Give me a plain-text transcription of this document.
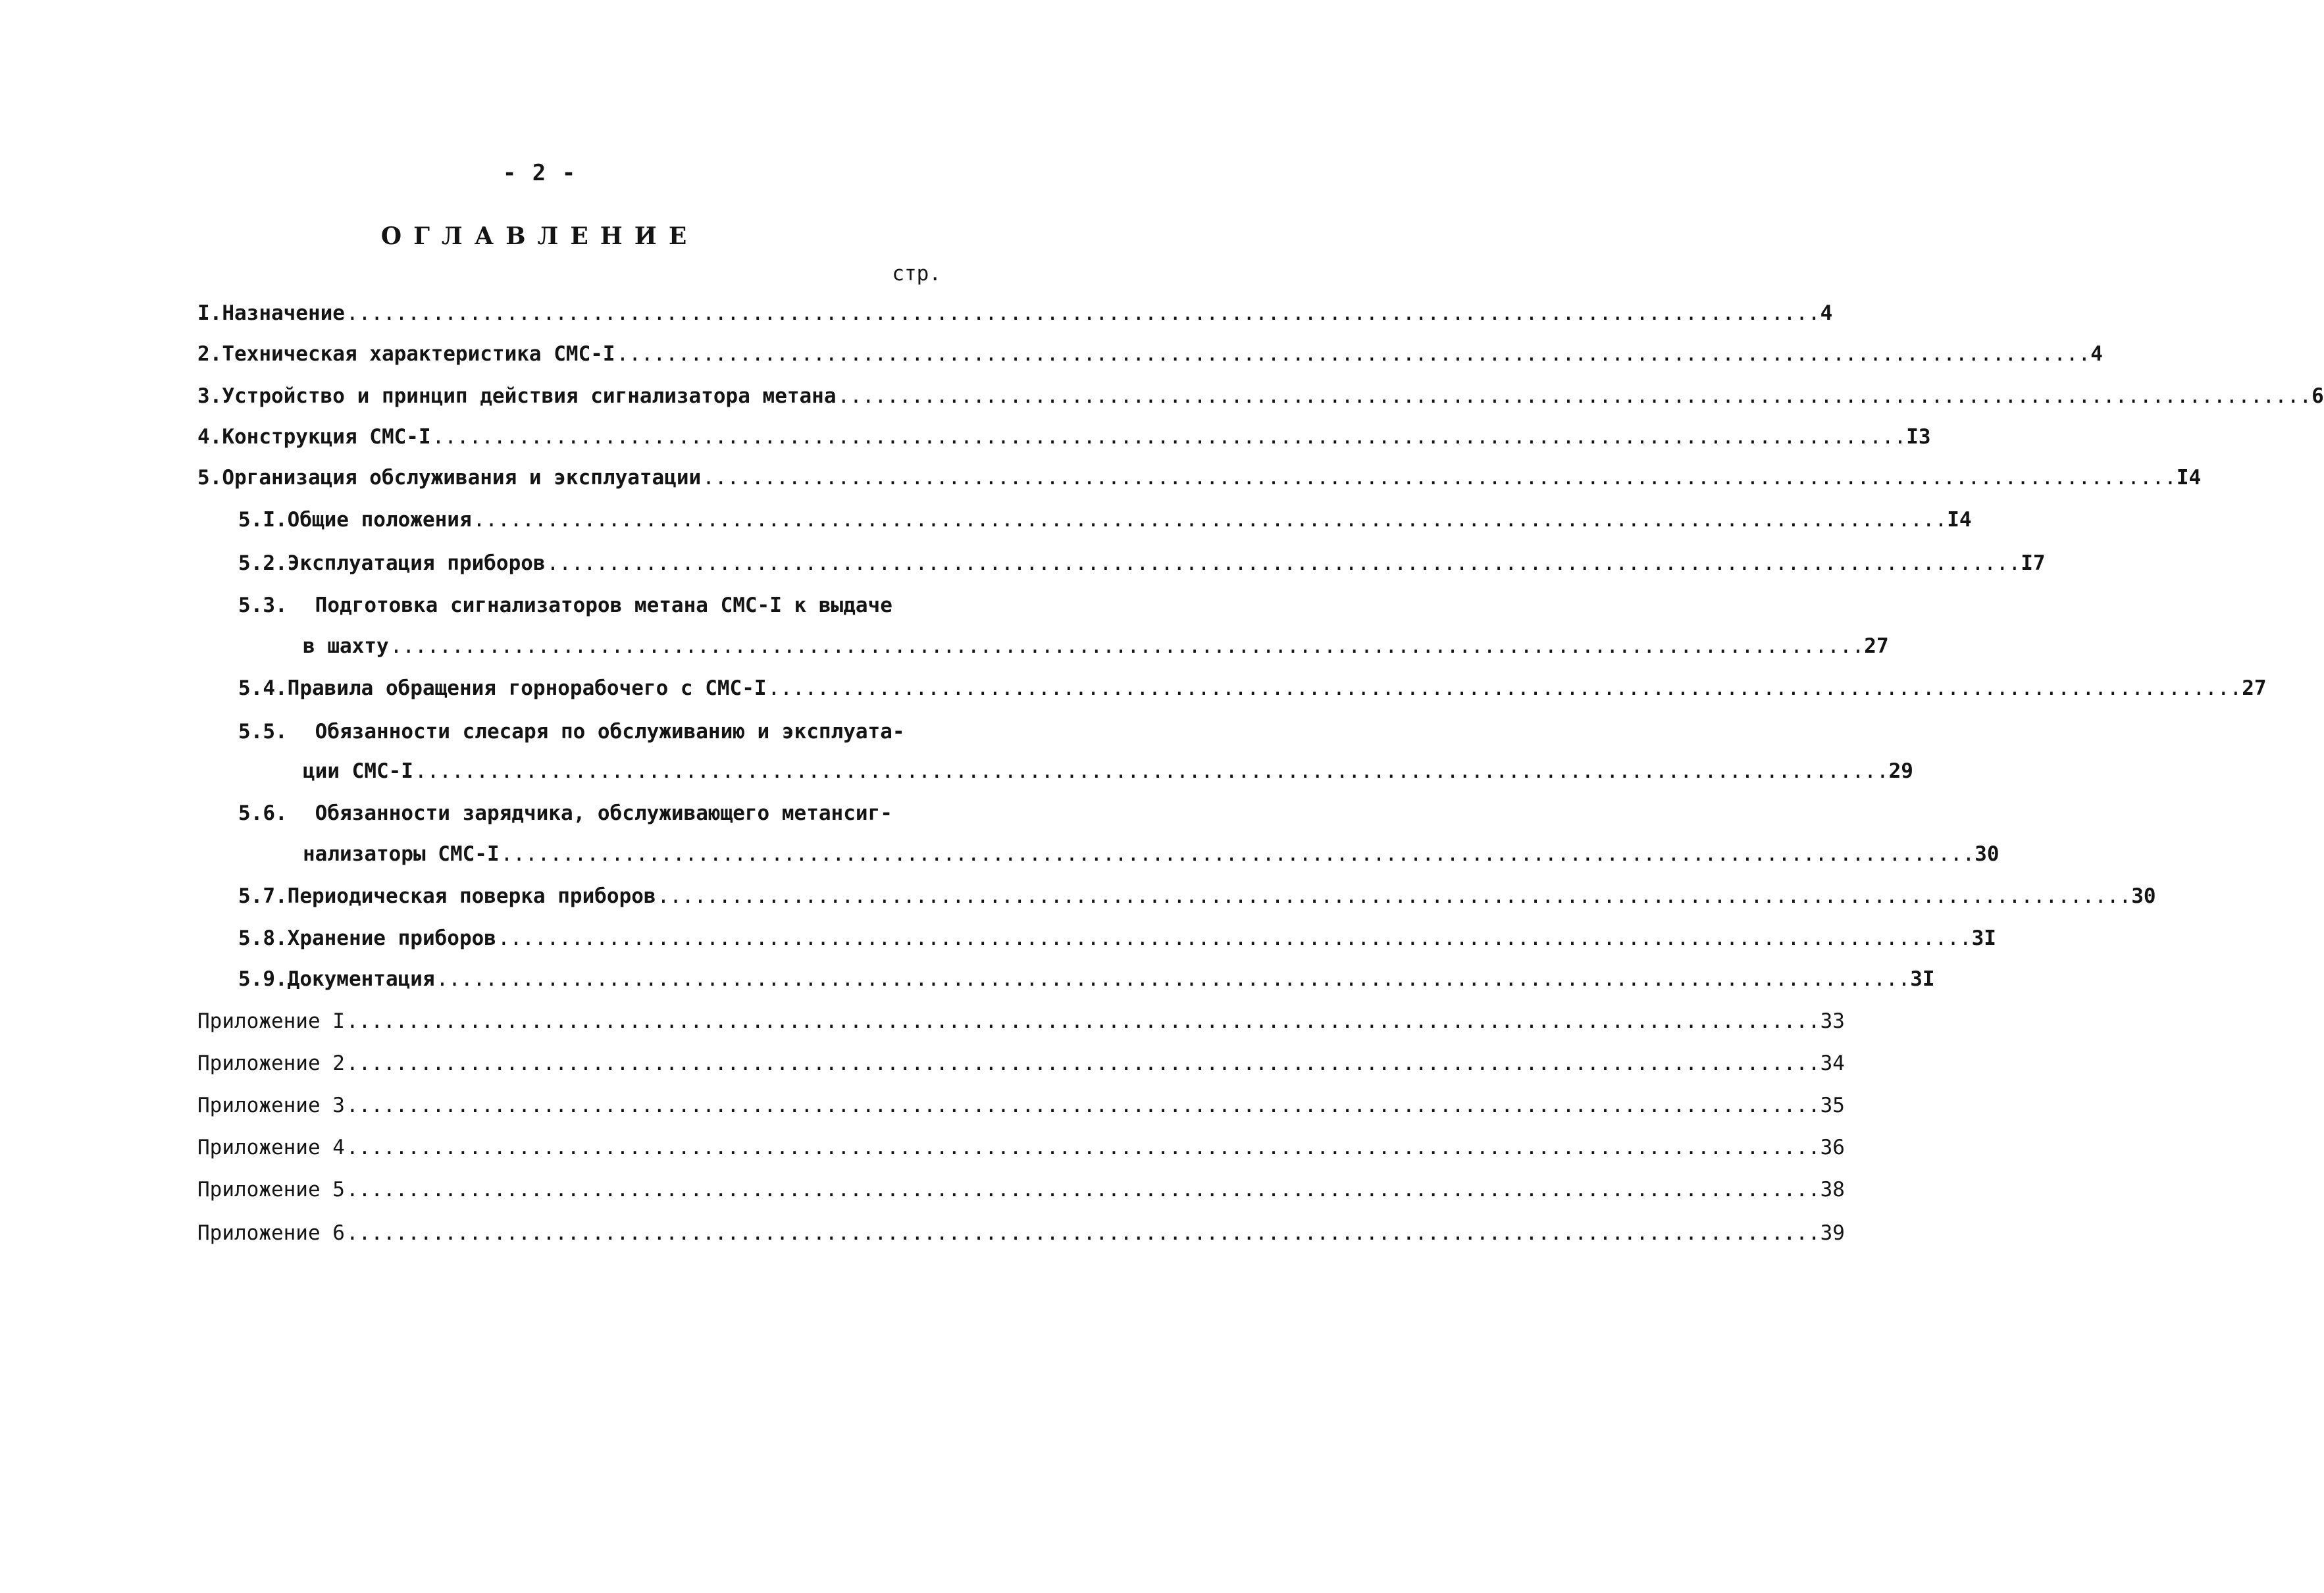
- 2 -
ОГЛАВЛЕНИЕ
стр.
I. Назначение ........................................................................................................................ 4
2. Техническая характеристика СМС-I ........................................................................................................................ 4
3. Устройство и принцип действия сигнализатора метана ........................................................................................................................ 6
4. Конструкция СМС-I ........................................................................................................................ I3
5. Организация обслуживания и эксплуатации ........................................................................................................................ I4
5.I. Общие положения ........................................................................................................................ I4
5.2. Эксплуатация приборов ........................................................................................................................ I7
5.3. Подготовка сигнализаторов метана СМС-I к выдаче
в шахту ........................................................................................................................ 27
5.4. Правила обращения горнорабочего с СМС-I ........................................................................................................................ 27
5.5. Обязанности слесаря по обслуживанию и эксплуата-
ции СМС-I ........................................................................................................................ 29
5.6. Обязанности зарядчика, обслуживающего метансиг-
нализаторы СМС-I ........................................................................................................................ 30
5.7. Периодическая поверка приборов ........................................................................................................................ 30
5.8. Хранение приборов ........................................................................................................................ 3I
5.9. Документация ........................................................................................................................ 3I
Приложение I ........................................................................................................................ 33
Приложение 2 ........................................................................................................................ 34
Приложение 3 ........................................................................................................................ 35
Приложение 4 ........................................................................................................................ 36
Приложение 5 ........................................................................................................................ 38
Приложение 6 ........................................................................................................................ 39
